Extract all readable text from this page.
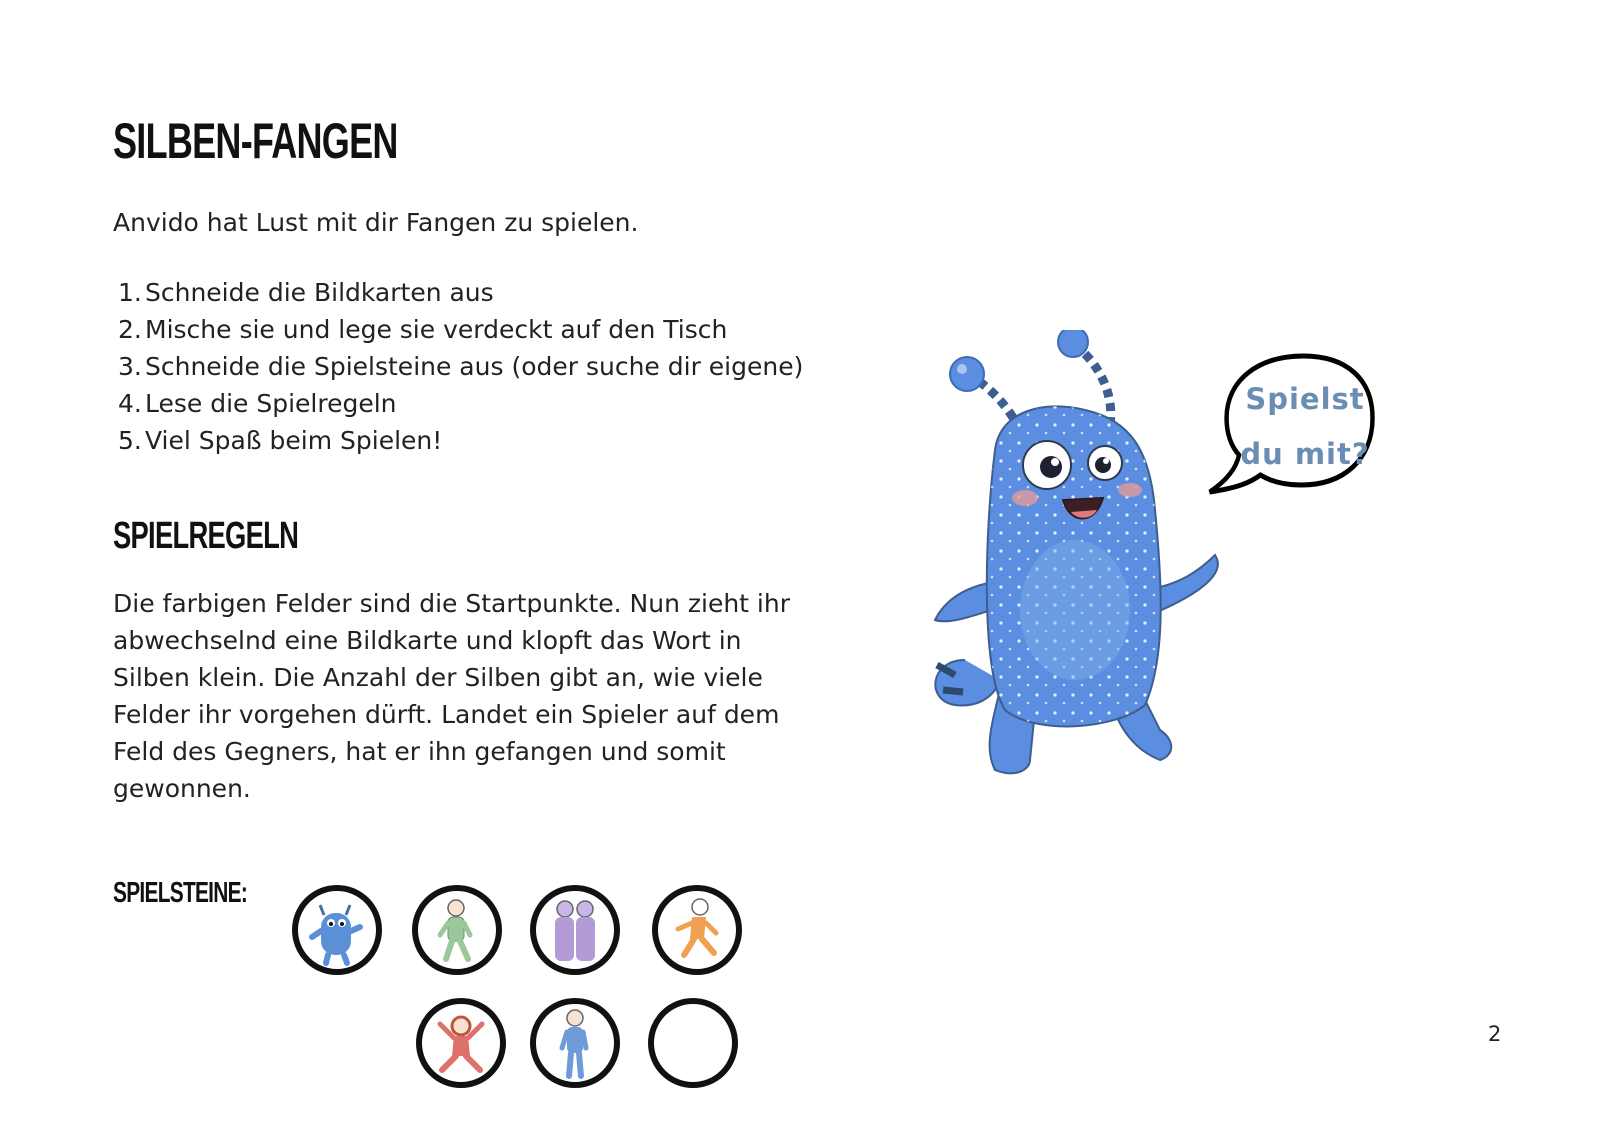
SILBEN-FANGEN

Anvido hat Lust mit dir Fangen zu spielen.

1. Schneide die Bildkarten aus
2. Mische sie und lege sie verdeckt auf den Tisch
3. Schneide die Spielsteine aus (oder suche dir eigene)
4. Lese die Spielregeln
5. Viel Spaß beim Spielen!
SPIELREGELN

Die farbigen Felder sind die Startpunkte. Nun zieht ihr abwechselnd eine Bildkarte und klopft das Wort in Silben klein. Die Anzahl der Silben gibt an, wie viele Felder ihr vorgehen dürft. Landet ein Spieler auf dem Feld des Gegners, hat er ihn gefangen und somit gewonnen.

Spielst
du mit?
SPIELSTEINE:
2
